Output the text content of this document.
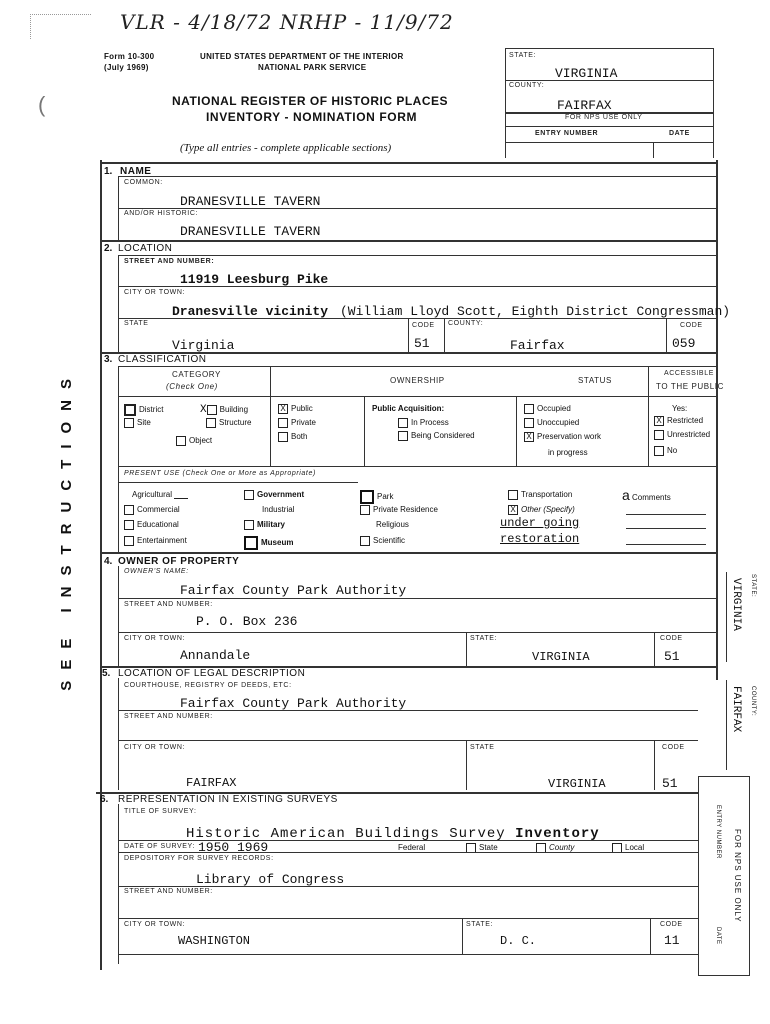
VLR - 4/18/72 NRHP - 11/9/72
Form 10-300
(July 1969)
UNITED STATES DEPARTMENT OF THE INTERIOR
NATIONAL PARK SERVICE
NATIONAL REGISTER OF HISTORIC PLACES
INVENTORY - NOMINATION FORM
(Type all entries - complete applicable sections)
(
STATE:
VIRGINIA
COUNTY:
FAIRFAX
FOR NPS USE ONLY
ENTRY NUMBER	DATE
SEE INSTRUCTIONS
1. NAME
COMMON:
DRANESVILLE TAVERN
AND/OR HISTORIC:
DRANESVILLE TAVERN
2. LOCATION
STREET AND NUMBER:
11919 Leesburg Pike
CITY OR TOWN:
Dranesville vicinity (William Lloyd Scott, Eighth District Congressman)
STATE
Virginia
CODE
51
COUNTY:
Fairfax
CODE
059
3. CLASSIFICATION
CATEGORY
(Check One)
OWNERSHIP	STATUS
ACCESSIBLE
TO THE PUBLIC
District	X Building
Site	Structure
Object
X Public
Private
Both
Public Acquisition:
In Process
Being Considered
Occupied
Unoccupied
X Preservation work
in progress
Yes:
X Restricted
Unrestricted
No
PRESENT USE (Check One or More as Appropriate)
Agricultural	Government	Park	Transportation	a Comments
Commercial	Industrial	Private Residence	X Other (Specify)
Educational	Military	Religious	under going
Entertainment	Museum	Scientific	restoration
4. OWNER OF PROPERTY
OWNER'S NAME:
Fairfax County Park Authority
STREET AND NUMBER:
P. O. Box 236
CITY OR TOWN:
Annandale
STATE:
VIRGINIA
CODE
51
5. LOCATION OF LEGAL DESCRIPTION
COURTHOUSE, REGISTRY OF DEEDS, ETC:
Fairfax County Park Authority
STREET AND NUMBER:
CITY OR TOWN:
FAIRFAX
STATE
VIRGINIA
CODE
51
6. REPRESENTATION IN EXISTING SURVEYS
TITLE OF SURVEY:
Historic American Buildings Survey Inventory
DATE OF SURVEY: 1950 1969	Federal	State	County	Local
DEPOSITORY FOR SURVEY RECORDS:
Library of Congress
STREET AND NUMBER:
CITY OR TOWN:
WASHINGTON
STATE:
D. C.
CODE
11
VIRGINIA STATE:
FAIRFAX COUNTY:
ENTRY NUMBER
DATE
FOR NPS USE ONLY
